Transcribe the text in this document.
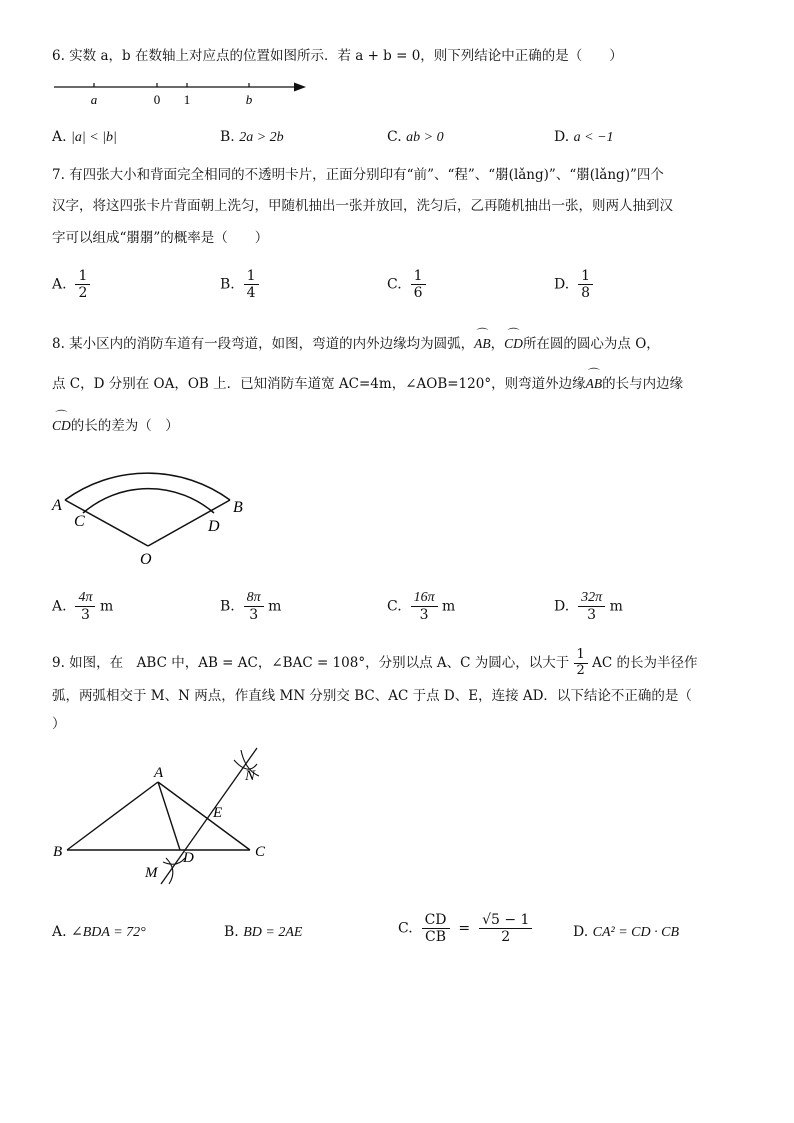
6. 实数 a，b 在数轴上对应点的位置如图所示．若 a + b = 0，则下列结论中正确的是（　　）
a	0 1	b
A. |a| < |b|	B. 2a > 2b	C. ab > 0	D. a < −1
7. 有四张大小和背面完全相同的不透明卡片，正面分别印有“前”、“程”、“朤(lǎng)”、“朤(lǎng)”四个
汉字，将这四张卡片背面朝上洗匀，甲随机抽出一张并放回，洗匀后，乙再随机抽出一张，则两人抽到汉
字可以组成“朤朤”的概率是（　　）
A. $\frac{1}{2}$	B. $\frac{1}{4}$	C. $\frac{1}{6}$	D. $\frac{1}{8}$
8. 某小区内的消防车道有一段弯道，如图，弯道的内外边缘均为圆弧，⌒ AB，⌒ CD所在圆的圆心为点 O，
点 C，D 分别在 OA，OB 上．已知消防车道宽 AC=4m，∠AOB=120°，则弯道外边缘⌒ AB的长与内边缘
⌒ CD的长的差为（　）
A
C	D
B
O
A. $\frac{4\pi}{3}$ m	B. $\frac{8\pi}{3}$ m	C. $\frac{16\pi}{3}$ m	D. $\frac{32\pi}{3}$ m
9. 如图，在　ABC 中，AB = AC，∠BAC = 108°，分别以点 A、C 为圆心，以大于 $\frac{1}{2}$ AC 的长为半径作
弧，两弧相交于 M、N 两点，作直线 MN 分别交 BC、AC 于点 D、E，连接 AD．以下结论不正确的是（
）
A	N
E
B	D	C
M
A. ∠BDA = 72°	B. BD = 2AE	C. $\frac{CD}{CB} = \frac{√5 - 1}{2}$	D. CA² = CD · CB
